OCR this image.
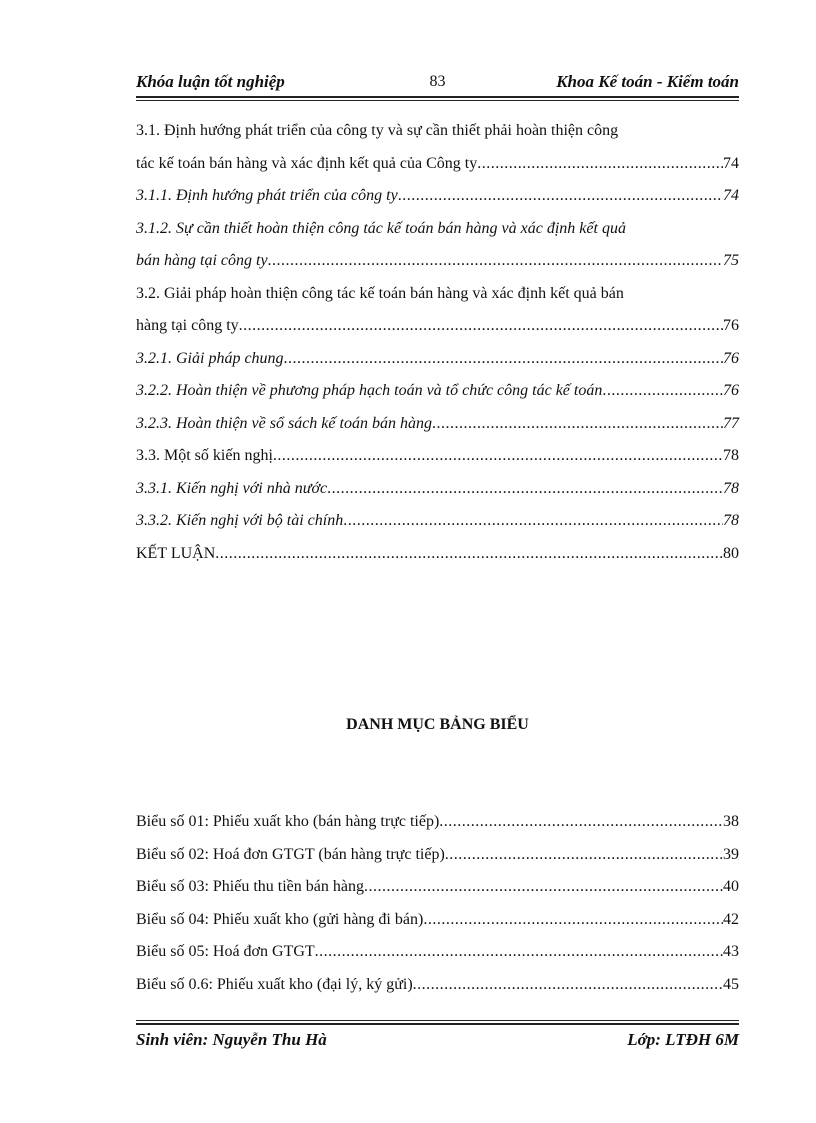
Khóa luận tốt nghiệp	83	Khoa Kế toán - Kiểm toán
3.1. Định hướng phát triển của công ty và sự cần thiết phải hoàn thiện công
tác kế toán bán hàng và xác định kết quả của Công ty .....	74
3.1.1. Định hướng phát triển của công ty .....	74
3.1.2. Sự cần thiết hoàn thiện công tác kế toán bán hàng và xác định kết quả
bán hàng tại công ty .....	75
3.2. Giải pháp hoàn thiện công tác kế toán bán hàng và xác định kết quả bán
hàng tại công ty .....	76
3.2.1. Giải pháp chung .....	76
3.2.2. Hoàn thiện về phương pháp hạch toán và tổ chức công tác kế toán .....	76
3.2.3. Hoàn thiện về sổ sách kế toán bán hàng .....	77
3.3. Một số kiến nghị .....	78
3.3.1. Kiến nghị với nhà nước .....	78
3.3.2. Kiến nghị với bộ tài chính .....	78
KẾT LUẬN .....	80
DANH MỤC BẢNG BIỂU
Biểu số 01: Phiếu xuất kho (bán hàng trực tiếp) .....	38
Biểu số 02: Hoá đơn GTGT (bán hàng trực tiếp) .....	39
Biểu số 03: Phiếu thu tiền bán hàng .....	40
Biểu số 04: Phiếu xuất kho (gửi hàng đi bán) .....	42
Biểu số 05: Hoá đơn GTGT .....	43
Biểu số 0.6: Phiếu xuất kho (đại lý, ký gửi) .....	45
Sinh viên: Nguyễn Thu Hà	Lớp: LTĐH 6M
